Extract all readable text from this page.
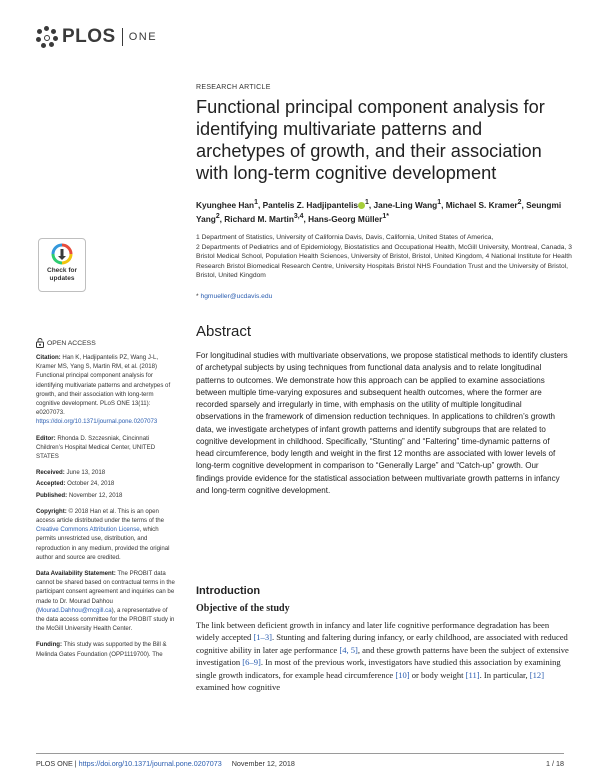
PLOS ONE
RESEARCH ARTICLE
Functional principal component analysis for identifying multivariate patterns and archetypes of growth, and their association with long-term cognitive development

Kyunghee Han$^1$, Pantelis Z. Hadjipantelis $^1$, Jane-Ling Wang$^1$, Michael S. Kramer$^2$, Seungmi Yang$^2$, Richard M. Martin$^{3,4}$, Hans-Georg Müller$^{1*}$

1 Department of Statistics, University of California Davis, Davis, California, United States of America,

2 Departments of Pediatrics and of Epidemiology, Biostatistics and Occupational Health, McGill University, Montreal, Canada, 3 Bristol Medical School, Population Health Sciences, University of Bristol, Bristol, United Kingdom, 4 National Institute for Health Research Bristol Biomedical Research Centre, University Hospitals Bristol NHS Foundation Trust and the University of Bristol, Bristol, United Kingdom

* hgmueller@ucdavis.edu
Abstract

For longitudinal studies with multivariate observations, we propose statistical methods to identify clusters of archetypal subjects by using techniques from functional data analysis and to relate longitudinal patterns to outcomes. We demonstrate how this approach can be applied to examine associations between multiple time-varying exposures and subsequent health outcomes, where the former are recorded sparsely and irregularly in time, with emphasis on the utility of multiple longitudinal observations in the framework of dimension reduction techniques. In applications to children’s growth data, we investigate archetypes of infant growth patterns and identify subgroups that are related to cognitive development in childhood. Specifically, “Stunting” and “Faltering” time-dynamic patterns of head circumference, body length and weight in the first 12 months are associated with lower levels of long-term cognitive development in comparison to “Generally Large” and “Catch-up” growth. Our findings provide evidence for the statistical association between multivariate growth patterns in infancy and long-term cognitive development.

Introduction
Objective of the study

The link between deficient growth in infancy and later life cognitive performance degradation has been widely accepted [1–3]. Stunting and faltering during infancy, or early childhood, are associated with reduced cognitive ability in later age performance [4, 5], and these growth patterns have been the subject of extensive investigation [6–9]. In most of the previous work, investigators have studied this association by examining single growth indicators, for example head circumference [10] or body weight [11]. In particular, [12] examined how cognitive

Check for
updates
OPEN ACCESS

Citation: Han K, Hadjipantelis PZ, Wang J-L, Kramer MS, Yang S, Martin RM, et al. (2018) Functional principal component analysis for identifying multivariate patterns and archetypes of growth, and their association with long-term cognitive development. PLoS ONE 13(11): e0207073. https://doi.org/10.1371/journal.pone.0207073

Editor: Rhonda D. Szczesniak, Cincinnati Children’s Hospital Medical Center, UNITED STATES

Received: June 13, 2018

Accepted: October 24, 2018

Published: November 12, 2018

Copyright: © 2018 Han et al. This is an open access article distributed under the terms of the Creative Commons Attribution License, which permits unrestricted use, distribution, and reproduction in any medium, provided the original author and source are credited.

Data Availability Statement: The PROBIT data cannot be shared based on contractual terms in the participant consent agreement and inquiries can be made to Dr. Mourad Dahhou (Mourad.Dahhou@mcgill.ca), a representative of the data access committee for the PROBIT study in the McGill University Health Center.

Funding: This study was supported by the Bill & Melinda Gates Foundation (OPP1119700). The

PLOS ONE | https://doi.org/10.1371/journal.pone.0207073 November 12, 2018	1 / 18
